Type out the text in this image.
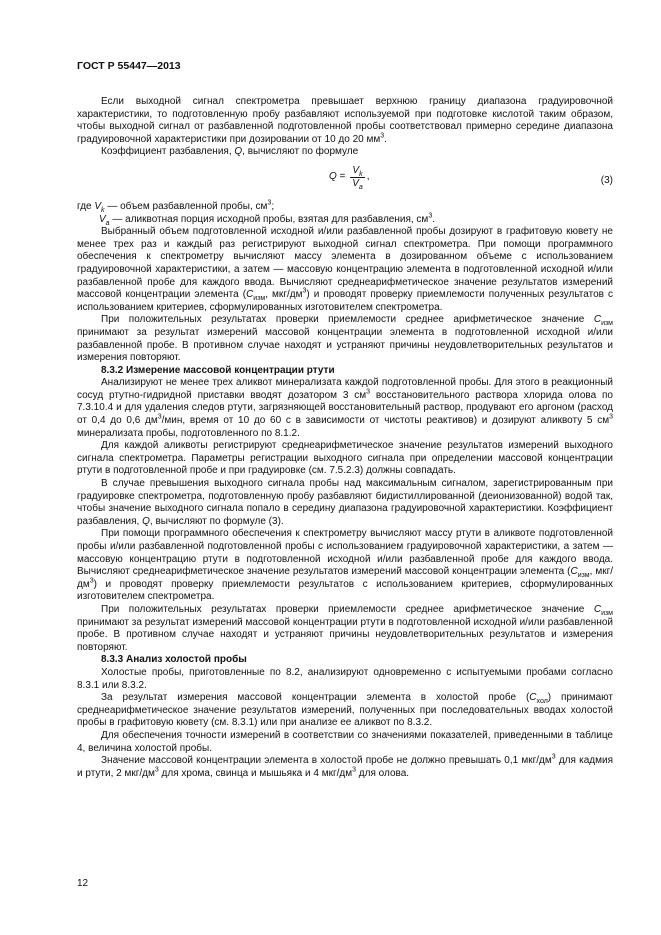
ГОСТ Р 55447—2013

Если выходной сигнал спектрометра превышает верхнюю границу диапазона градуировочной характеристики, то подготовленную пробу разбавляют используемой при подготовке кислотой таким образом, чтобы выходной сигнал от разбавленной подготовленной пробы соответствовал примерно середине диапазона градуировочной характеристики при дозировании от 10 до 20 $мм^3$.

Коэффициент разбавления, Q, вычисляют по формуле

$Q = \frac{V_k}{V_a}$ ,	(3)
где $V_k$ — объем разбавленной пробы, $см^3$;
$V_a$ — аликвотная порция исходной пробы, взятая для разбавления, $см^3$.

Выбранный объем подготовленной исходной и/или разбавленной пробы дозируют в графитовую кювету не менее трех раз и каждый раз регистрируют выходной сигнал спектрометра. При помощи программного обеспечения к спектрометру вычисляют массу элемента в дозированном объеме с использованием градуировочной характеристики, а затем — массовую концентрацию элемента в подготовленной исходной и/или разбавленной пробе для каждого ввода. Вычисляют среднеарифметическое значение результатов измерений массовой концентрации элемента ($C_{изм}$, мкг/$дм^3$) и проводят проверку приемлемости полученных результатов с использованием критериев, сформулированных изготовителем спектрометра.

При положительных результатах проверки приемлемости среднее арифметическое значение $C_{изм}$ принимают за результат измерений массовой концентрации элемента в подготовленной исходной и/или разбавленной пробе. В противном случае находят и устраняют причины неудовлетворительных результатов и измерения повторяют.

8.3.2 Измерение массовой концентрации ртути

Анализируют не менее трех аликвот минерализата каждой подготовленной пробы. Для этого в реакционный сосуд ртутно-гидридной приставки вводят дозатором 3 $см^3$ восстановительного раствора хлорида олова по 7.3.10.4 и для удаления следов ртути, загрязняющей восстановительный раствор, продувают его аргоном (расход от 0,4 до 0,6 $дм^3$/мин, время от 10 до 60 с в зависимости от чистоты реактивов) и дозируют аликвоту 5 $см^3$ минерализата пробы, подготовленного по 8.1.2.

Для каждой аликвоты регистрируют среднеарифметическое значение результатов измерений выходного сигнала спектрометра. Параметры регистрации выходного сигнала при определении массовой концентрации ртути в подготовленной пробе и при градуировке (см. 7.5.2.3) должны совпадать.

В случае превышения выходного сигнала пробы над максимальным сигналом, зарегистрированным при градуировке спектрометра, подготовленную пробу разбавляют бидистиллированной (деионизованной) водой так, чтобы значение выходного сигнала попало в середину диапазона градуировочной характеристики. Коэффициент разбавления, Q, вычисляют по формуле (3).

При помощи программного обеспечения к спектрометру вычисляют массу ртути в аликвоте подготовленной пробы и/или разбавленной подготовленной пробы с использованием градуировочной характеристики, а затем — массовую концентрацию ртути в подготовленной исходной и/или разбавленной пробе для каждого ввода. Вычисляют среднеарифметическое значение результатов измерений массовой концентрации элемента ($C_{изм}$, мкг/$дм^3$) и проводят проверку приемлемости результатов с использованием критериев, сформулированных изготовителем спектрометра.

При положительных результатах проверки приемлемости среднее арифметическое значение $C_{изм}$ принимают за результат измерений массовой концентрации ртути в подготовленной исходной и/или разбавленной пробе. В противном случае находят и устраняют причины неудовлетворительных результатов и измерения повторяют.

8.3.3 Анализ холостой пробы

Холостые пробы, приготовленные по 8.2, анализируют одновременно с испытуемыми пробами согласно 8.3.1 или 8.3.2.

За результат измерения массовой концентрации элемента в холостой пробе $(C_{хол})$ принимают среднеарифметическое значение результатов измерений, полученных при последовательных вводах холостой пробы в графитовую кювету (см. 8.3.1) или при анализе ее аликвот по 8.3.2.

Для обеспечения точности измерений в соответствии со значениями показателей, приведенными в таблице 4, величина холостой пробы.

Значение массовой концентрации элемента в холостой пробе не должно превышать 0,1 мкг/$дм^3$ для кадмия и ртути, 2 мкг/$дм^3$ для хрома, свинца и мышьяка и 4 мкг/$дм^3$ для олова.

12
